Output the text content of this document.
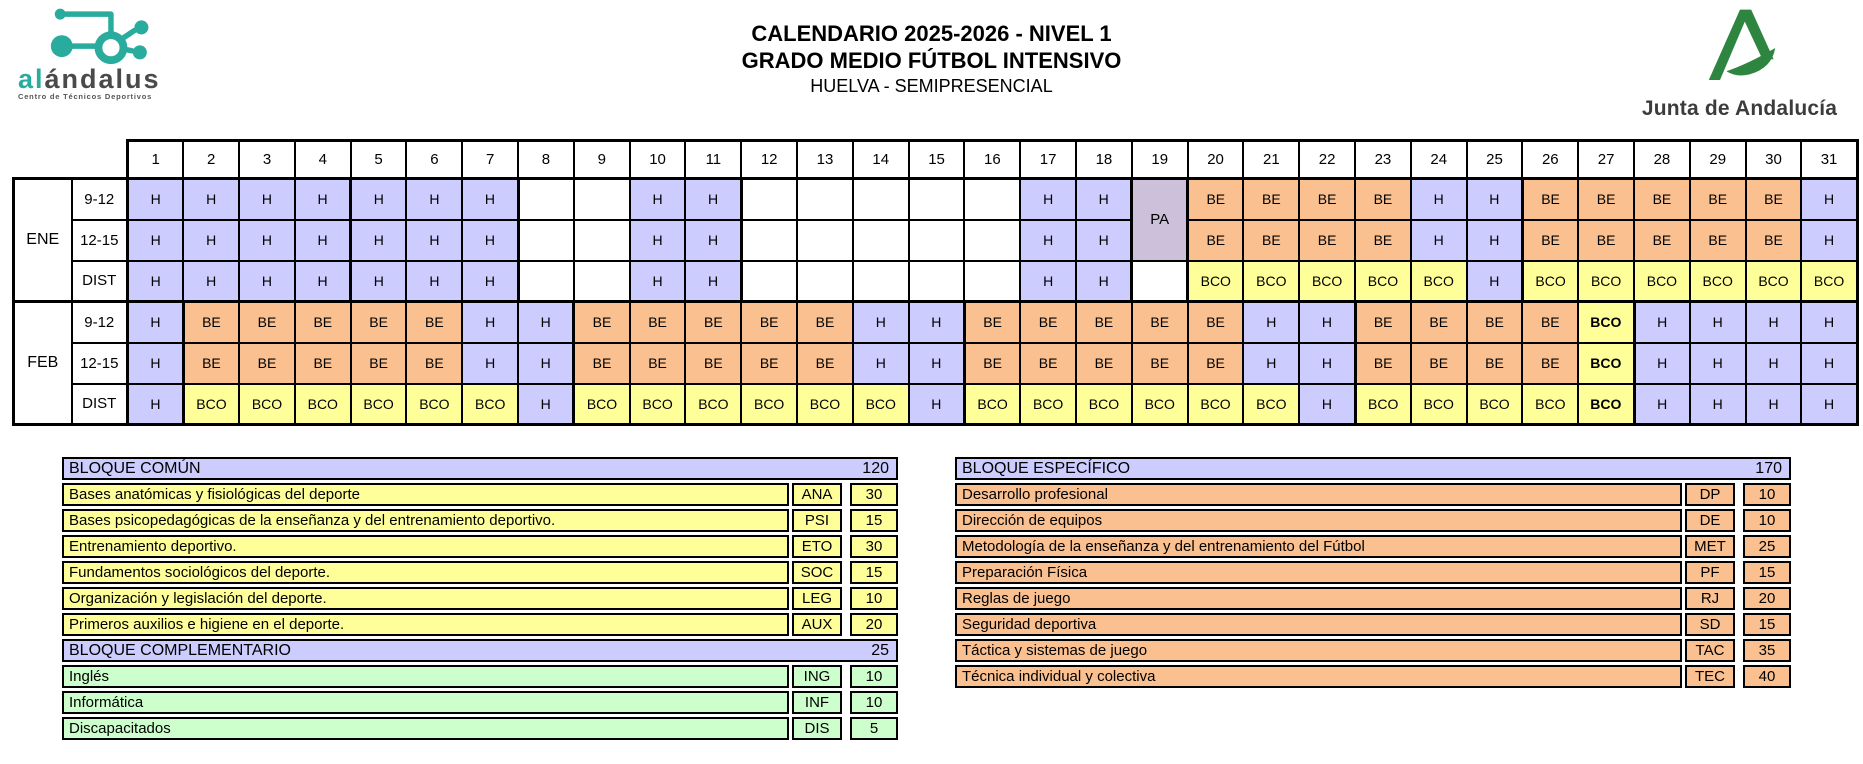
alándalus
Centro de Técnicos Deportivos
CALENDARIO 2025-2026 - NIVEL 1
GRADO MEDIO FÚTBOL INTENSIVO
HUELVA - SEMIPRESENCIAL
Junta de Andalucía
		1	2	3	4	5	6	7	8	9	10	11	12	13	14	15	16	17	18	19	20	21	22	23	24	25	26	27	28	29	30	31
ENE	9-12	H	H	H	H	H	H	H			H	H						H	H	PA	BE	BE	BE	BE	H	H	BE	BE	BE	BE	BE	H
	12-15	H	H	H	H	H	H	H			H	H						H	H		BE	BE	BE	BE	H	H	BE	BE	BE	BE	BE	H
	DIST	H	H	H	H	H	H	H			H	H						H	H		BCO	BCO	BCO	BCO	BCO	H	BCO	BCO	BCO	BCO	BCO	BCO
FEB	9-12	H	BE	BE	BE	BE	BE	H	H	BE	BE	BE	BE	BE	H	H	BE	BE	BE	BE	BE	H	H	BE	BE	BE	BE	BCO	H	H	H	H
	12-15	H	BE	BE	BE	BE	BE	H	H	BE	BE	BE	BE	BE	H	H	BE	BE	BE	BE	BE	H	H	BE	BE	BE	BE	BCO	H	H	H	H
	DIST	H	BCO	BCO	BCO	BCO	BCO	BCO	H	BCO	BCO	BCO	BCO	BCO	BCO	H	BCO	BCO	BCO	BCO	BCO	BCO	H	BCO	BCO	BCO	BCO	BCO	H	H	H	H
BLOQUE COMÚN	120
Bases anatómicas y fisiológicas del deporte	ANA	30
Bases psicopedagógicas de la enseñanza y del entrenamiento deportivo.	PSI	15
Entrenamiento deportivo.	ETO	30
Fundamentos sociológicos del deporte.	SOC	15
Organización y legislación del deporte.	LEG	10
Primeros auxilios e higiene en el deporte.	AUX	20
BLOQUE COMPLEMENTARIO	25
Inglés	ING	10
Informática	INF	10
Discapacitados	DIS	5
BLOQUE ESPECÍFICO	170
Desarrollo profesional	DP	10
Dirección de equipos	DE	10
Metodología de la enseñanza y del entrenamiento del Fútbol	MET	25
Preparación Física	PF	15
Reglas de juego	RJ	20
Seguridad deportiva	SD	15
Táctica y sistemas de juego	TAC	35
Técnica individual y colectiva	TEC	40
